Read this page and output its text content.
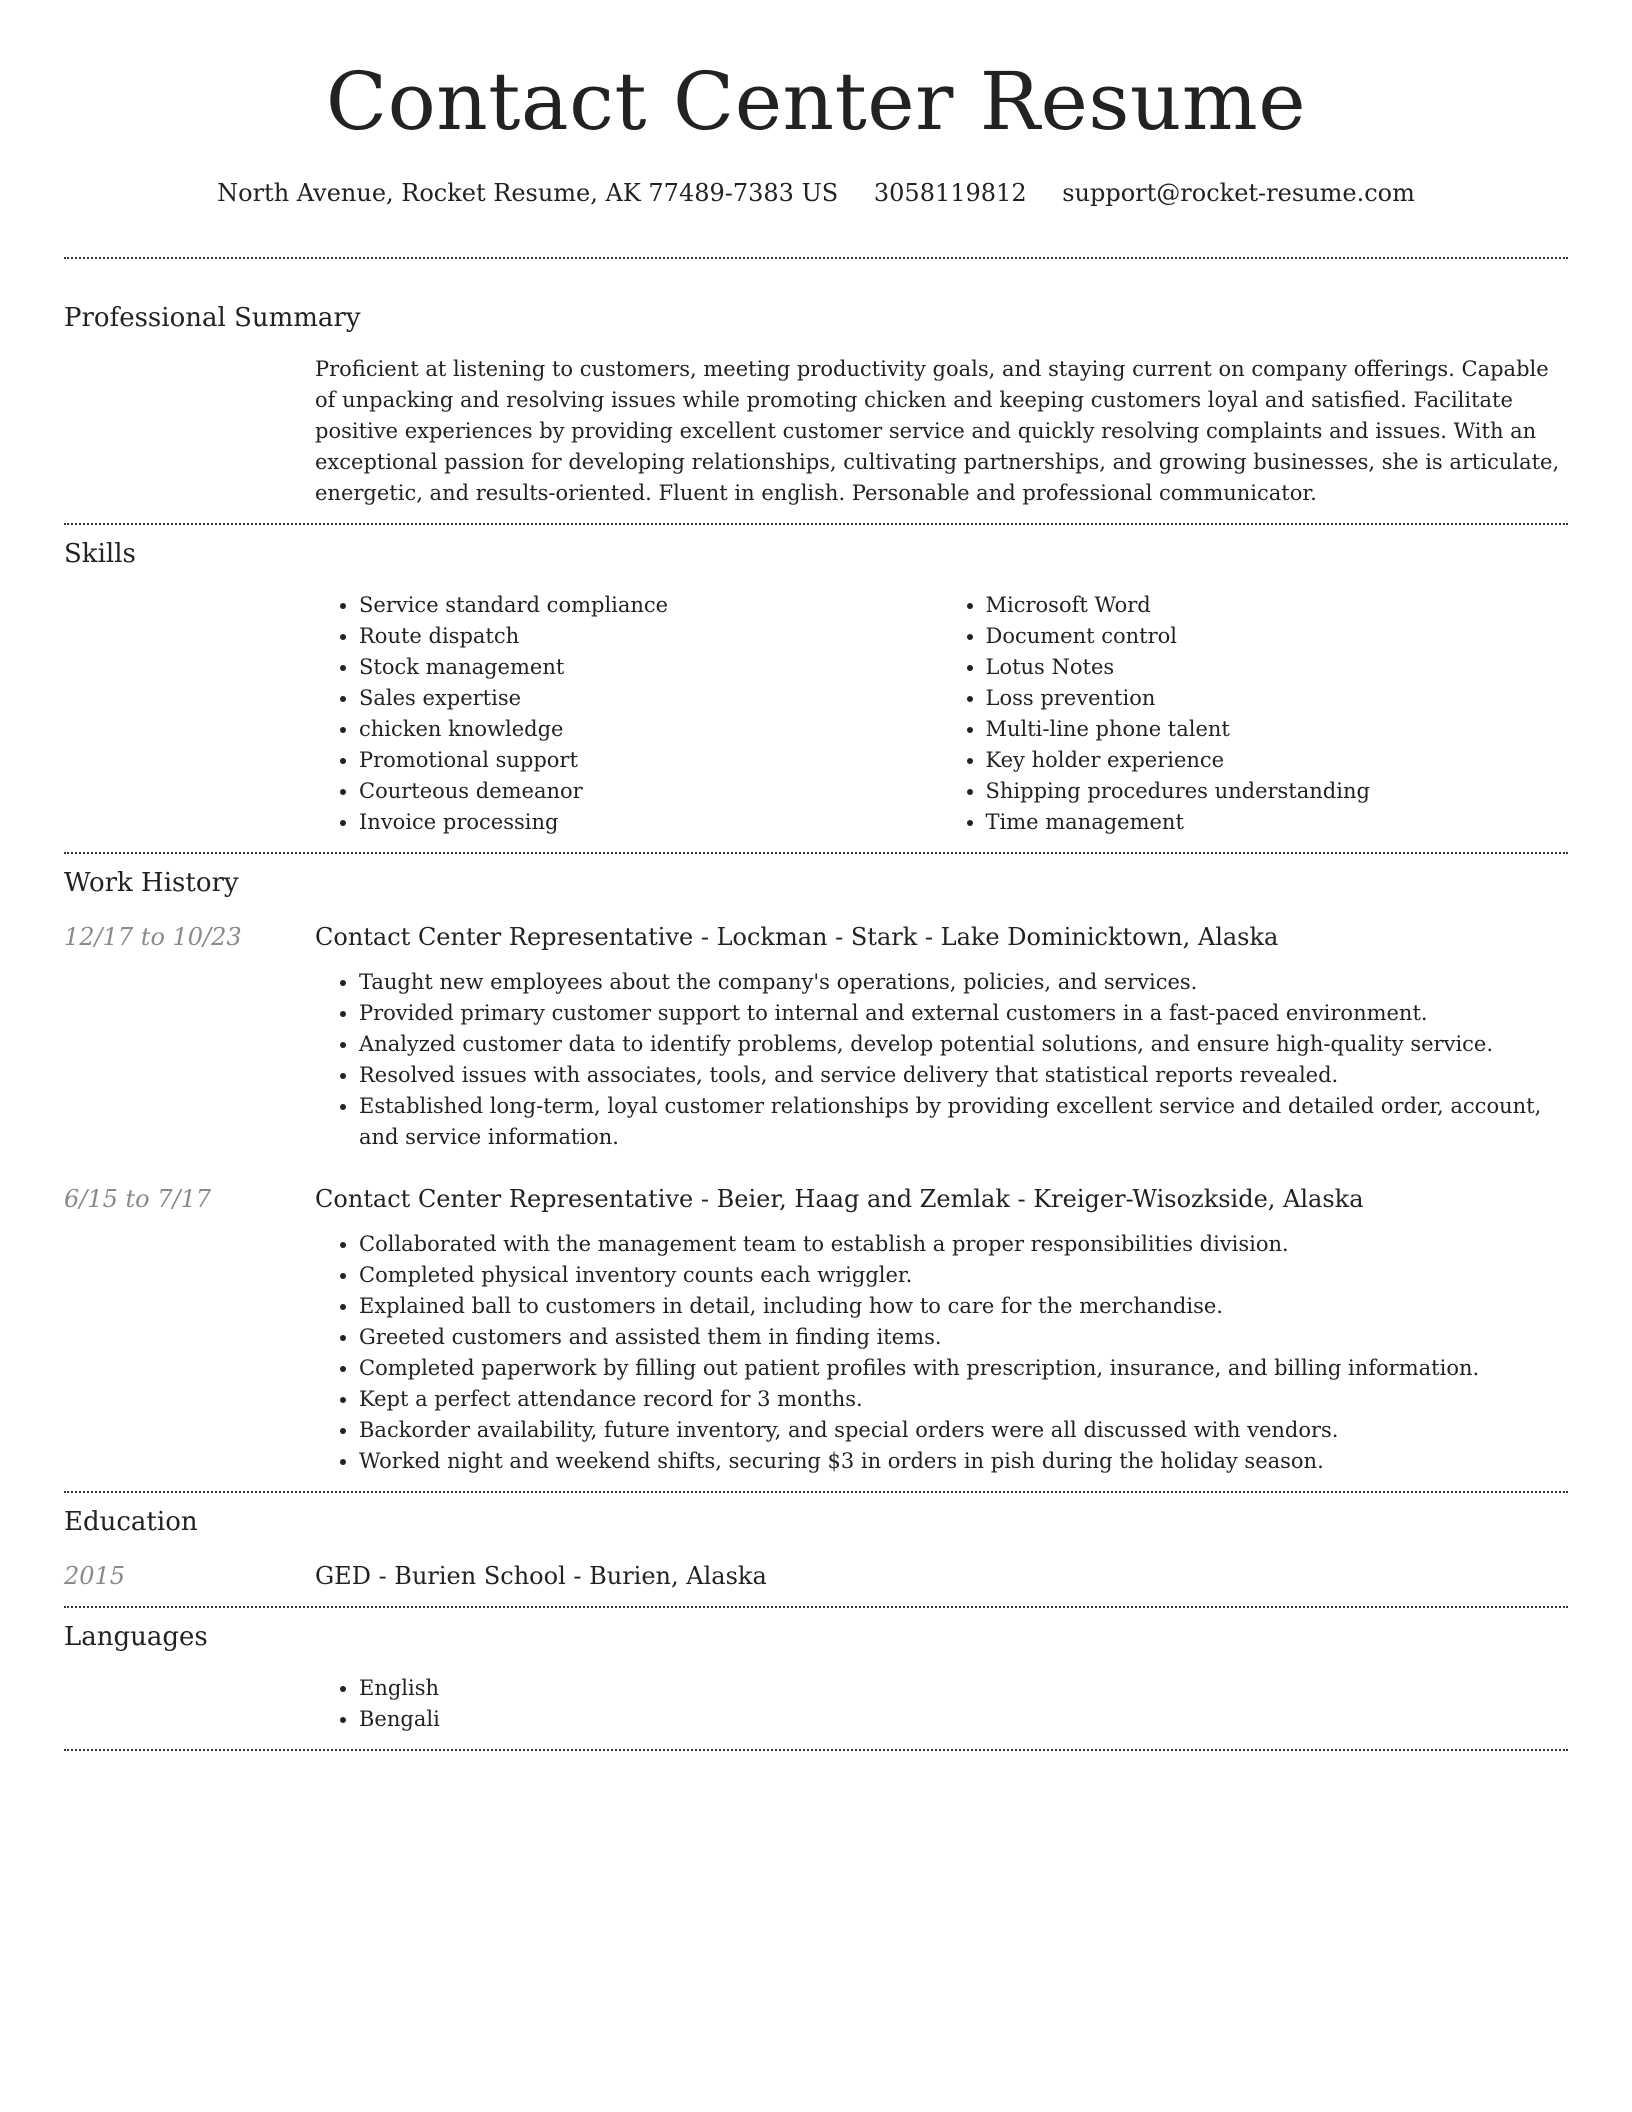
Contact Center Resume
North Avenue, Rocket Resume, AK 77489-7383 US 3058119812 support@rocket-resume.com
Professional Summary

Proficient at listening to customers, meeting productivity goals, and staying current on company offerings. Capable of unpacking and resolving issues while promoting chicken and keeping customers loyal and satisfied. Facilitate positive experiences by providing excellent customer service and quickly resolving complaints and issues. With an exceptional passion for developing relationships, cultivating partnerships, and growing businesses, she is articulate, energetic, and results-oriented. Fluent in english. Personable and professional communicator.

Skills
• Service standard compliance
• Route dispatch
• Stock management
• Sales expertise
• chicken knowledge
• Promotional support
• Courteous demeanor
• Invoice processing
• Microsoft Word
• Document control
• Lotus Notes
• Loss prevention
• Multi-line phone talent
• Key holder experience
• Shipping procedures understanding
• Time management
Work History
12/17 to 10/23	Contact Center Representative - Lockman - Stark - Lake Dominicktown, Alaska
• Taught new employees about the company's operations, policies, and services.
• Provided primary customer support to internal and external customers in a fast-paced environment.
• Analyzed customer data to identify problems, develop potential solutions, and ensure high-quality service.
• Resolved issues with associates, tools, and service delivery that statistical reports revealed.
• Established long-term, loyal customer relationships by providing excellent service and detailed order, account, and service information.
6/15 to 7/17	Contact Center Representative - Beier, Haag and Zemlak - Kreiger-Wisozkside, Alaska
• Collaborated with the management team to establish a proper responsibilities division.
• Completed physical inventory counts each wriggler.
• Explained ball to customers in detail, including how to care for the merchandise.
• Greeted customers and assisted them in finding items.
• Completed paperwork by filling out patient profiles with prescription, insurance, and billing information.
• Kept a perfect attendance record for 3 months.
• Backorder availability, future inventory, and special orders were all discussed with vendors.
• Worked night and weekend shifts, securing $3 in orders in pish during the holiday season.
Education
2015	GED - Burien School - Burien, Alaska
Languages
• English
• Bengali
